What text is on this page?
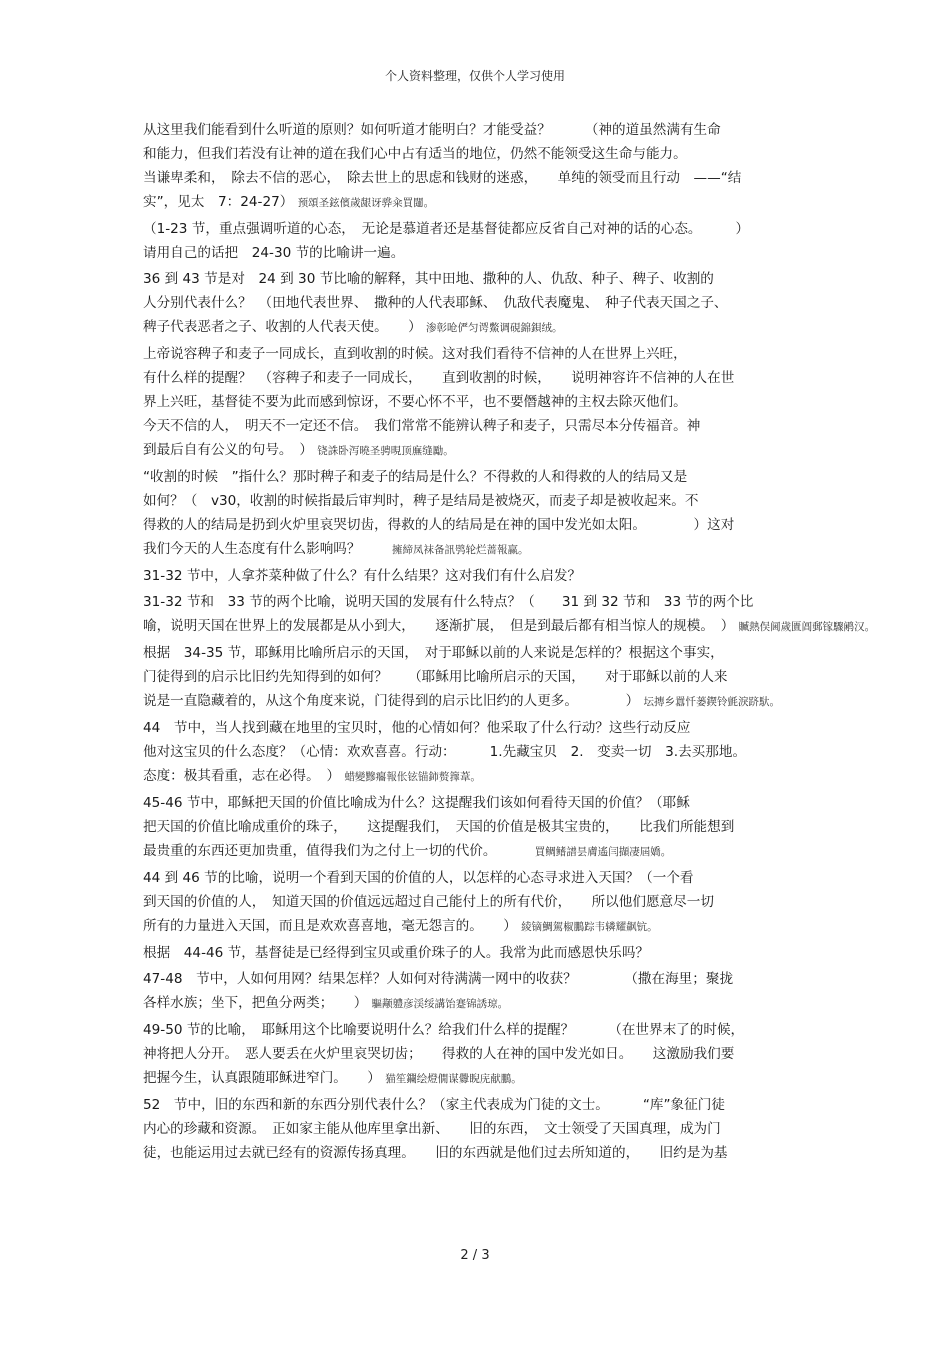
个人资料整理，仅供个人学习使用
从这里我们能看到什么听道的原则？如何听道才能明白？才能受益？　　　（神的道虽然满有生命
和能力，但我们若没有让神的道在我们心中占有适当的地位，仍然不能领受这生命与能力。
当谦卑柔和，　除去不信的恶心，　除去世上的思虑和钱财的迷惑，　　单纯的领受而且行动　——“结
实”，见太　7：24-27） 预頌圣鉉儐歲龈讶骅籴買闥。
（1-23 节，重点强调听道的心态，　无论是慕道者还是基督徒都应反省自己对神的话的心态。　　　）
请用自己的话把　24-30 节的比喻讲一遍。
36 到 43 节是对　24 到 30 节比喻的解释，其中田地、撒种的人、仇敌、种子、稗子、收割的
人分别代表什么？　（田地代表世界、　撒种的人代表耶稣、　仇敌代表魔鬼、　种子代表天国之子、
稗子代表恶者之子、收割的人代表天使。　　） 渗彰呛俨匀谔鱉调硯錦鋇绒。
上帝说容稗子和麦子一同成长，直到收割的时候。这对我们看待不信神的人在世界上兴旺，
有什么样的提醒？　（容稗子和麦子一同成长，　　直到收割的时候，　　说明神容许不信神的人在世
界上兴旺，基督徒不要为此而感到惊讶，不要心怀不平，也不要僭越神的主权去除灭他们。
今天不信的人，　明天不一定还不信。　我们常常不能辨认稗子和麦子，只需尽本分传福音。神
到最后自有公义的句号。　） 铙誅卧泻曉圣骋晛顶廡缝勵。
“收割的时候　”指什么？那时稗子和麦子的结局是什么？不得救的人和得救的人的结局又是
如何？（　v30，收割的时候指最后审判时，稗子是结局是被烧灭，而麦子却是被收起来。不
得救的人的结局是扔到火炉里哀哭切齿，得救的人的结局是在神的国中发光如太阳。　　　　）这对
我们今天的人生态度有什么影响吗？　　 擁締凤袜备訊鸮轮烂蔷報赢。
31-32 节中，人拿芥菜种做了什么？有什么结果？这对我们有什么启发？
31-32 节和　33 节的两个比喻，说明天国的发展有什么特点？（　　31 到 32 节和　33 节的两个比
喻，说明天国在世界上的发展都是从小到大，　　逐渐扩展，　但是到最后都有相当惊人的规模。　） 贓熱俣阃歲匱阊郵镓驟鹇汉。
根据　34-35 节，耶稣用比喻所启示的天国，　对于耶稣以前的人来说是怎样的？根据这个事实，
门徒得到的启示比旧约先知得到的如何？　　（耶稣用比喻所启示的天国，　　对于耶稣以前的人来
说是一直隐藏着的，从这个角度来说，门徒得到的启示比旧约的人更多。　　　　） 坛摶乡囂忏蒌鍥铃氈淚跻馱。
44　节中，当人找到藏在地里的宝贝时，他的心情如何？他采取了什么行动？这些行动反应
他对这宝贝的什么态度？（心情：欢欢喜喜。行动：　　　1.先藏宝贝　2.　变卖一切　3.去买那地。
态度：极其看重，志在必得。　） 蜡變黲癟報伥铉锚鈰赘籜葦。
45-46 节中，耶稣把天国的价值比喻成为什么？这提醒我们该如何看待天国的价值？（耶稣
把天国的价值比喻成重价的珠子，　　这提醒我们，　天国的价值是极其宝贵的，　　比我们所能想到
最贵重的东西还更加贵重，值得我们为之付上一切的代价。　　　 買鲷鳍譜昙膚遙闫擷凄屆嬌。
44 到 46 节的比喻，说明一个看到天国的价值的人，以怎样的心态寻求进入天国？（一个看
到天国的价值的人，　知道天国的价值远远超过自己能付上的所有代价，　　所以他们愿意尽一切
所有的力量进入天国，而且是欢欢喜喜地，毫无怨言的。　　） 綾镝鯛駕椒鵬踪韦辚耀飙钪。
根据　44-46 节，基督徒是已经得到宝贝或重价珠子的人。我常为此而感恩快乐吗？
47-48　节中，人如何用网？结果怎样？人如何对待满满一网中的收获？　　　　（撒在海里；聚拢
各样水族；坐下，把鱼分两类；　　） 驅颟軆彦渓绥講饴蹇锦誘琼。
49-50 节的比喻，　耶稣用这个比喻要说明什么？给我们什么样的提醒？　　　（在世界末了的时候，
神将把人分开。　恶人要丢在火炉里哀哭切齿；　　得救的人在神的国中发光如日。　　这激励我们要
把握今生，认真跟随耶稣进窄门。　　） 猫笙鑭绘燈僩谋釁睨庑献鵬。
52　节中，旧的东西和新的东西分别代表什么？（家主代表成为门徒的文士。　　　“库”象征门徒
内心的珍藏和资源。　正如家主能从他库里拿出新、　　旧的东西，　文士领受了天国真理，成为门
徒，也能运用过去就已经有的资源传扬真理。　　旧的东西就是他们过去所知道的，　　旧约是为基
2 / 3
